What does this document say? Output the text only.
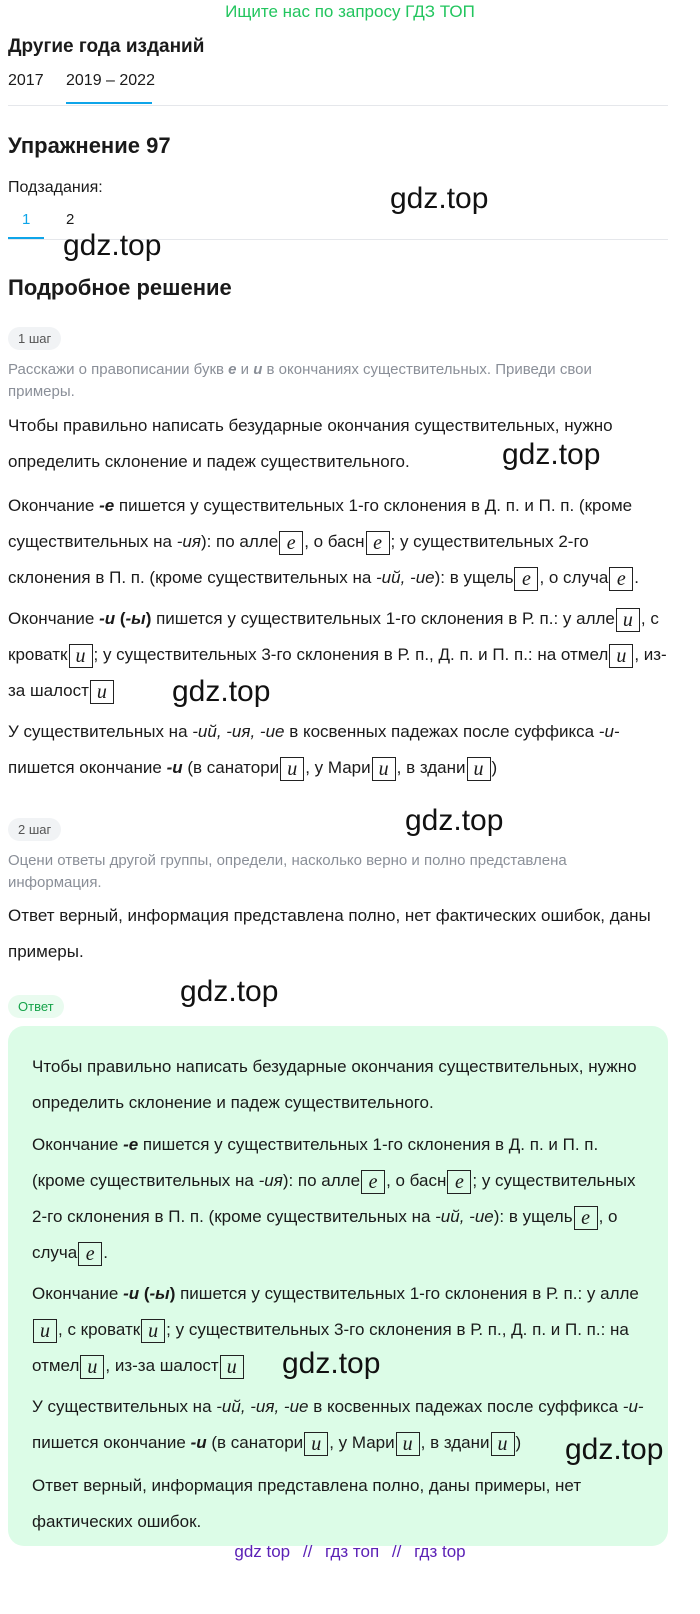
Ищите нас по запросу ГДЗ ТОП
Другие года изданий
2017 2019 – 2022
Упражнение 97
Подзадания:
1 2
gdz.top
gdz.top
Подробное решение
1 шаг
Расскажи о правописании букв е и и в окончаниях существительных. Приведи свои примеры.
Чтобы правильно написать безударные окончания существительных, нужно определить склонение и падеж существительного.	gdz.top
Окончание -е пишется у существительных 1-го склонения в Д. п. и П. п. (кроме существительных на -ия): по алле е , о басн е ; у существительных 2-го склонения в П. п. (кроме существительных на -ий, -ие): в ущель е , о случа е .
Окончание -и (-ы) пишется у существительных 1-го склонения в Р. п.: у алле и , с кроватк и ; у существительных 3-го склонения в Р. п., Д. п. и П. п.: на отмел и , из-за шалост и	gdz.top
У существительных на -ий, -ия, -ие в косвенных падежах после суффикса -и- пишется окончание -и (в санатори и , у Мари и , в здани и )
2 шаг	gdz.top
Оцени ответы другой группы, определи, насколько верно и полно представлена информация.
Ответ верный, информация представлена полно, нет фактических ошибок, даны примеры.
Ответ	gdz.top
Чтобы правильно написать безударные окончания существительных, нужно определить склонение и падеж существительного.
Окончание -е пишется у существительных 1-го склонения в Д. п. и П. п. (кроме существительных на -ия): по алле е , о басн е ; у существительных 2-го склонения в П. п. (кроме существительных на -ий, -ие): в ущель е , о случа е .
Окончание -и (-ы) пишется у существительных 1-го склонения в Р. п.: у аллеи , с кроватк и ; у существительных 3-го склонения в Р. п., Д. п. и П. п.: на отмел и , из-за шалост и	gdz.top
У существительных на -ий, -ия, -ие в косвенных падежах после суффикса -и- пишется окончание -и (в санатори и , у Мари и , в здани и )	gdz.top
Ответ верный, информация представлена полно, даны примеры, нет фактических ошибок.
gdz top // гдз топ // гдз top
